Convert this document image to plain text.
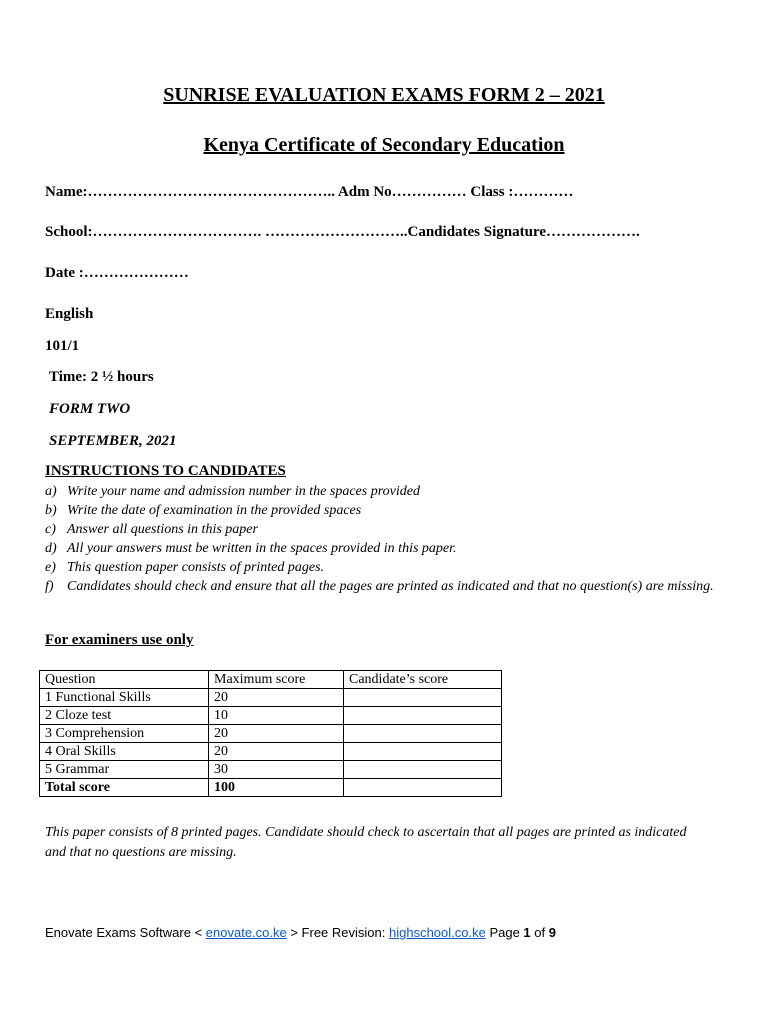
SUNRISE EVALUATION EXAMS FORM 2 – 2021
Kenya Certificate of Secondary Education
Name:………………………………………….. Adm No…………… Class :…………
School:……………………………. ………………………..Candidates Signature……………….
Date :…………………
English
101/1
Time: 2 ½ hours
FORM TWO
SEPTEMBER, 2021
INSTRUCTIONS TO CANDIDATES
a) Write your name and admission number in the spaces provided
b) Write the date of examination in the provided spaces
c) Answer all questions in this paper
d) All your answers must be written in the spaces provided in this paper.
e) This question paper consists of printed pages.
f) Candidates should check and ensure that all the pages are printed as indicated and that no question(s) are missing.
For examiners use only
Question	Maximum score	Candidate’s score
1 Functional Skills	20	
2 Cloze test	10	
3 Comprehension	20	
4 Oral Skills	20	
5 Grammar	30	
Total score	100	
This paper consists of 8 printed pages. Candidate should check to ascertain that all pages are printed as indicated and that no questions are missing.
Enovate Exams Software < enovate.co.ke > Free Revision: highschool.co.ke Page 1 of 9
